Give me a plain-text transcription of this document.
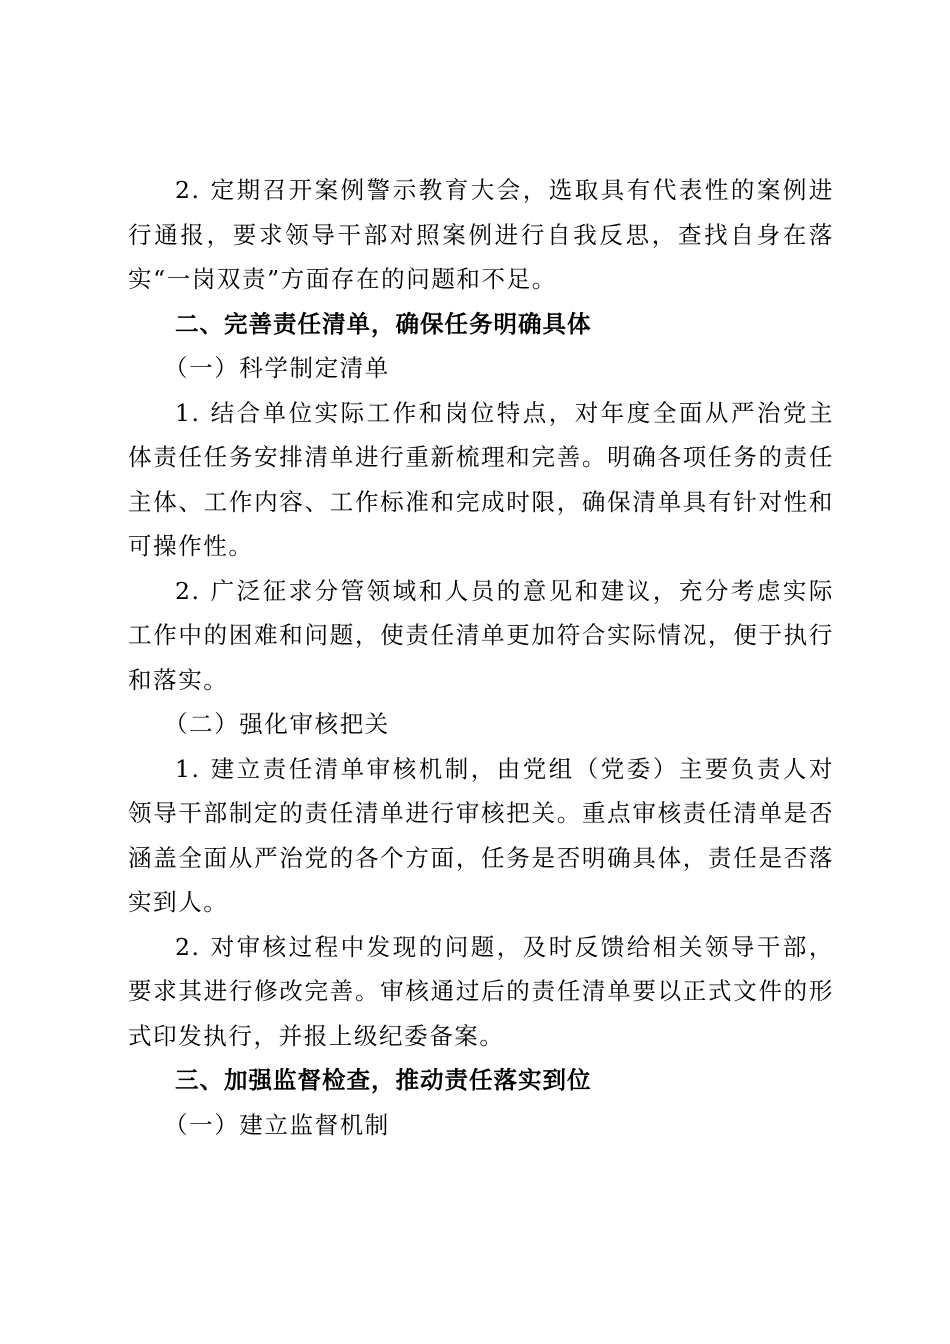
2. 定期召开案例警示教育大会，选取具有代表性的案例进行通报，要求领导干部对照案例进行自我反思，查找自身在落实“一岗双责”方面存在的问题和不足。

二、完善责任清单，确保任务明确具体

（一）科学制定清单

1. 结合单位实际工作和岗位特点，对年度全面从严治党主体责任任务安排清单进行重新梳理和完善。明确各项任务的责任主体、工作内容、工作标准和完成时限，确保清单具有针对性和可操作性。

2. 广泛征求分管领域和人员的意见和建议，充分考虑实际工作中的困难和问题，使责任清单更加符合实际情况，便于执行和落实。

（二）强化审核把关

1. 建立责任清单审核机制，由党组（党委）主要负责人对领导干部制定的责任清单进行审核把关。重点审核责任清单是否涵盖全面从严治党的各个方面，任务是否明确具体，责任是否落实到人。

2. 对审核过程中发现的问题，及时反馈给相关领导干部，要求其进行修改完善。审核通过后的责任清单要以正式文件的形式印发执行，并报上级纪委备案。

三、加强监督检查，推动责任落实到位

（一）建立监督机制
